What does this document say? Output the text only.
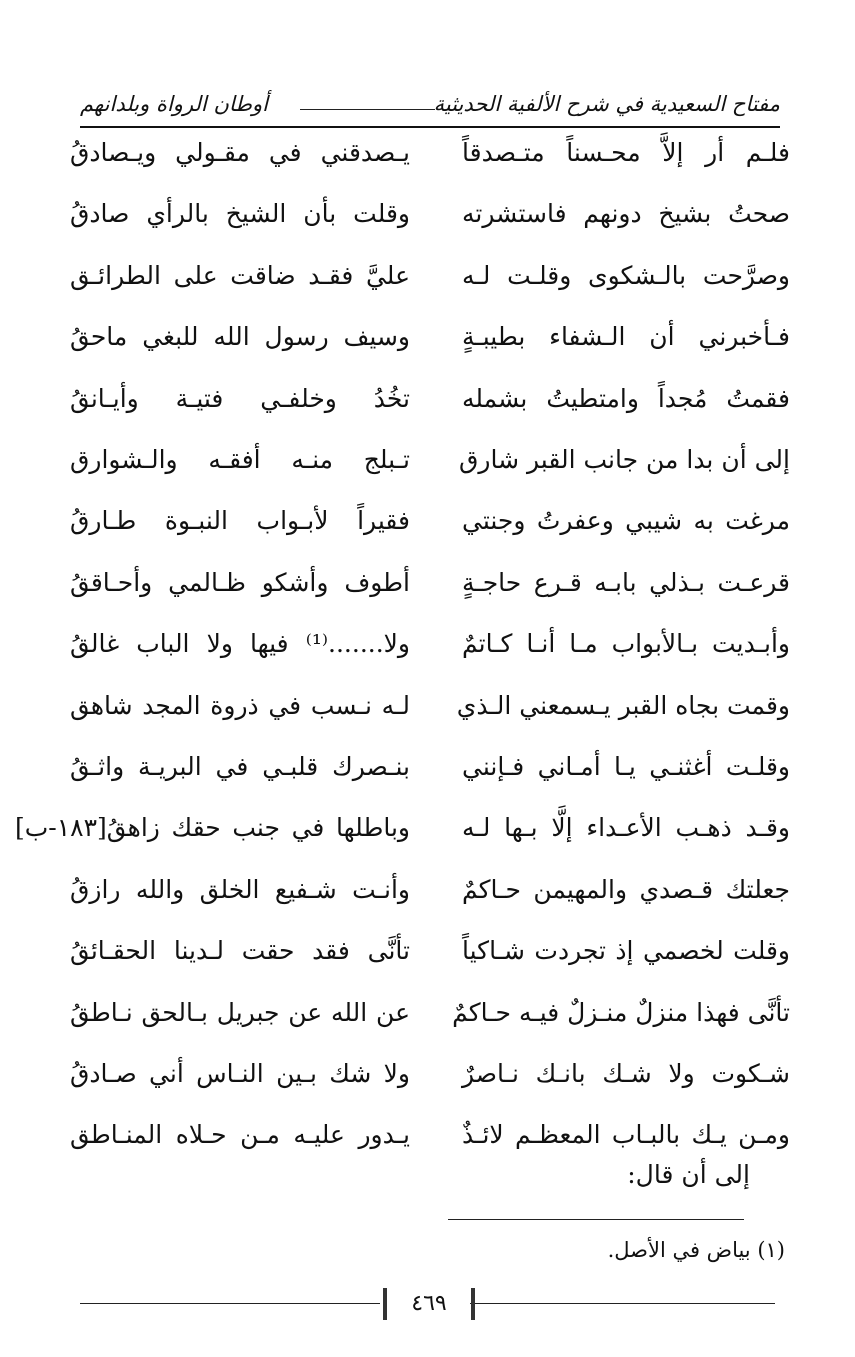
مفتاح السعيدية في شرح الألفية الحديثية
أوطان الرواة وبلدانهم
فلـم أر إلاَّ محـسناً متـصدقاً
يـصدقني في مقـولي ويـصادقُ
صحتُ بشيخ دونهم فاستشرته
وقلت بأن الشيخ بالرأي صادقُ
وصرَّحت بالـشكوى وقلـت لـه
عليَّ فقـد ضاقت على الطرائـق
فـأخبرني أن الـشفاء بطيبـةٍ
وسيف رسول الله للبغي ماحقُ
فقمتُ مُجداً وامتطيتُ بشمله
تخُدُ وخلفـي فتيـة وأيـانقُ
إلى أن بدا من جانب القبر شارق
تـبلج منـه أفقـه والـشوارق
مرغت به شيبي وعفرتُ وجنتي
فقيراً لأبـواب النبـوة طـارقُ
قرعـت بـذلي بابـه قـرع حاجـةٍ
أطوف وأشكو ظـالمي وأحـاققُ
وأبـديت بـالأبواب مـا أنـا كـاتمٌ
ولا.......⁽¹⁾ فيها ولا الباب غالقُ
وقمت بجاه القبر يـسمعني الـذي
لـه نـسب في ذروة المجد شاهق
وقلـت أغثنـي يـا أمـاني فـإنني
بنـصرك قلبـي في البريـة واثـقُ
وقـد ذهـب الأعـداء إلَّا بـها لـه
وباطلها في جنب حقك زاهقُ[١٨٣-ب]
جعلتك قـصدي والمهيمن حـاكمٌ
وأنـت شـفيع الخلق والله رازقُ
وقلت لخصمي إذ تجردت شـاكياً
تأنَّى فقد حقت لـدينا الحقـائقُ
تأنَّى فهذا منزلٌ منـزلٌ فيـه حـاكمٌ
عن الله عن جبريل بـالحق نـاطقُ
شـكوت ولا شـك بانـك نـاصرٌ
ولا شك بـين النـاس أني صـادقُ
ومـن يـك بالبـاب المعظـم لائـذٌ
يـدور عليـه مـن حـلاه المنـاطق
إلى أن قال:
(١) بياض في الأصل.
٤٦٩
